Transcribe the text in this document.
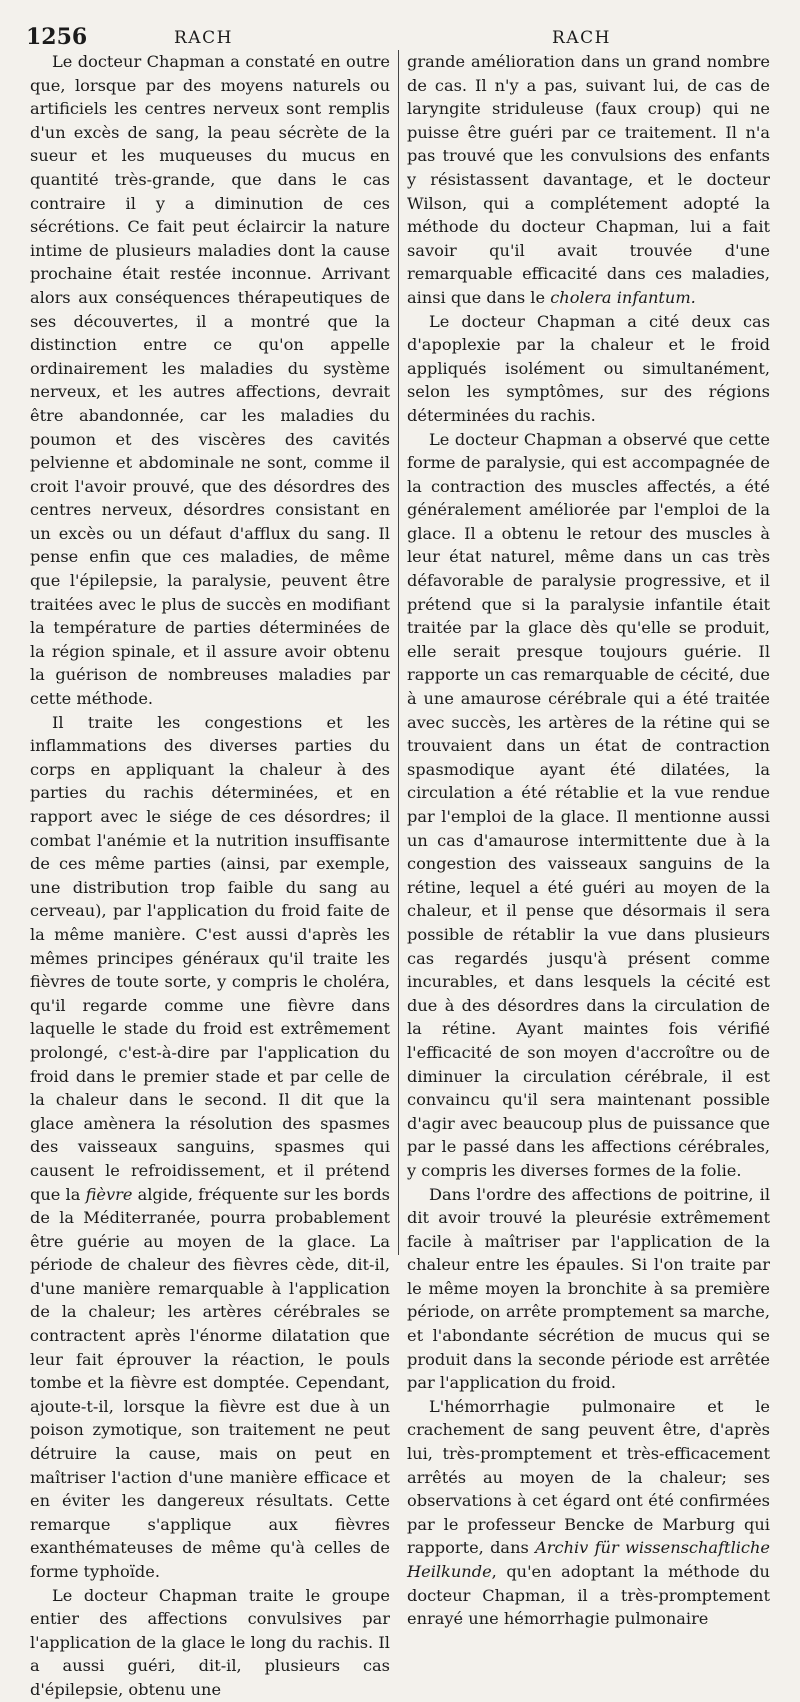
1256	RACH	RACH

Le docteur Chapman a constaté en outre que, lorsque par des moyens naturels ou artificiels les centres nerveux sont remplis d'un excès de sang, la peau sécrète de la sueur et les muqueuses du mucus en quantité très-grande, que dans le cas contraire il y a diminution de ces sécrétions. Ce fait peut éclaircir la nature intime de plusieurs maladies dont la cause prochaine était restée inconnue. Arrivant alors aux conséquences thérapeutiques de ses découvertes, il a montré que la distinction entre ce qu'on appelle ordinairement les maladies du système nerveux, et les autres affections, devrait être abandonnée, car les maladies du poumon et des viscères des cavités pelvienne et abdominale ne sont, comme il croit l'avoir prouvé, que des désordres des centres nerveux, désordres consistant en un excès ou un défaut d'afflux du sang. Il pense enfin que ces maladies, de même que l'épilepsie, la paralysie, peuvent être traitées avec le plus de succès en modifiant la température de parties déterminées de la région spinale, et il assure avoir obtenu la guérison de nombreuses maladies par cette méthode.

Il traite les congestions et les inflammations des diverses parties du corps en appliquant la chaleur à des parties du rachis déterminées, et en rapport avec le siége de ces désordres; il combat l'anémie et la nutrition insuffisante de ces même parties (ainsi, par exemple, une distribution trop faible du sang au cerveau), par l'application du froid faite de la même manière. C'est aussi d'après les mêmes principes généraux qu'il traite les fièvres de toute sorte, y compris le choléra, qu'il regarde comme une fièvre dans laquelle le stade du froid est extrêmement prolongé, c'est-à-dire par l'application du froid dans le premier stade et par celle de la chaleur dans le second. Il dit que la glace amènera la résolution des spasmes des vaisseaux sanguins, spasmes qui causent le refroidissement, et il prétend que la fièvre algide, fréquente sur les bords de la Méditerranée, pourra probablement être guérie au moyen de la glace. La période de chaleur des fièvres cède, dit-il, d'une manière remarquable à l'application de la chaleur; les artères cérébrales se contractent après l'énorme dilatation que leur fait éprouver la réaction, le pouls tombe et la fièvre est domptée. Cependant, ajoute-t-il, lorsque la fièvre est due à un poison zymotique, son traitement ne peut détruire la cause, mais on peut en maîtriser l'action d'une manière efficace et en éviter les dangereux résultats. Cette remarque s'applique aux fièvres exanthémateuses de même qu'à celles de forme typhoïde.

Le docteur Chapman traite le groupe entier des affections convulsives par l'application de la glace le long du rachis. Il a aussi guéri, dit-il, plusieurs cas d'épilepsie, obtenu une

grande amélioration dans un grand nombre de cas. Il n'y a pas, suivant lui, de cas de laryngite striduleuse (faux croup) qui ne puisse être guéri par ce traitement. Il n'a pas trouvé que les convulsions des enfants y résistassent davantage, et le docteur Wilson, qui a complétement adopté la méthode du docteur Chapman, lui a fait savoir qu'il avait trouvée d'une remarquable efficacité dans ces maladies, ainsi que dans le cholera infantum.

Le docteur Chapman a cité deux cas d'apoplexie par la chaleur et le froid appliqués isolément ou simultanément, selon les symptômes, sur des régions déterminées du rachis.

Le docteur Chapman a observé que cette forme de paralysie, qui est accompagnée de la contraction des muscles affectés, a été généralement améliorée par l'emploi de la glace. Il a obtenu le retour des muscles à leur état naturel, même dans un cas très défavorable de paralysie progressive, et il prétend que si la paralysie infantile était traitée par la glace dès qu'elle se produit, elle serait presque toujours guérie. Il rapporte un cas remarquable de cécité, due à une amaurose cérébrale qui a été traitée avec succès, les artères de la rétine qui se trouvaient dans un état de contraction spasmodique ayant été dilatées, la circulation a été rétablie et la vue rendue par l'emploi de la glace. Il mentionne aussi un cas d'amaurose intermittente due à la congestion des vaisseaux sanguins de la rétine, lequel a été guéri au moyen de la chaleur, et il pense que désormais il sera possible de rétablir la vue dans plusieurs cas regardés jusqu'à présent comme incurables, et dans lesquels la cécité est due à des désordres dans la circulation de la rétine. Ayant maintes fois vérifié l'efficacité de son moyen d'accroître ou de diminuer la circulation cérébrale, il est convaincu qu'il sera maintenant possible d'agir avec beaucoup plus de puissance que par le passé dans les affections cérébrales, y compris les diverses formes de la folie.

Dans l'ordre des affections de poitrine, il dit avoir trouvé la pleurésie extrêmement facile à maîtriser par l'application de la chaleur entre les épaules. Si l'on traite par le même moyen la bronchite à sa première période, on arrête promptement sa marche, et l'abondante sécrétion de mucus qui se produit dans la seconde période est arrêtée par l'application du froid.

L'hémorrhagie pulmonaire et le crachement de sang peuvent être, d'après lui, très-promptement et très-efficacement arrêtés au moyen de la chaleur; ses observations à cet égard ont été confirmées par le professeur Bencke de Marburg qui rapporte, dans Archiv für wissenschaftliche Heilkunde, qu'en adoptant la méthode du docteur Chapman, il a très-promptement enrayé une hémorrhagie pulmonaire
